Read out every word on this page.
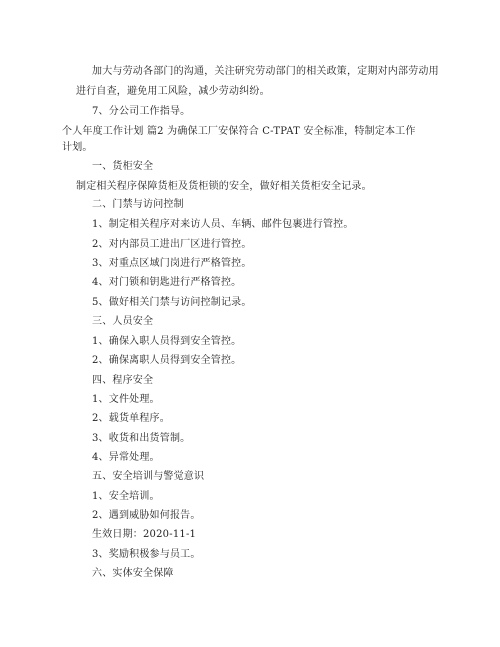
加大与劳动各部门的沟通，关注研究劳动部门的相关政策，定期对内部劳动用
进行自查，避免用工风险，减少劳动纠纷。
7、分公司工作指导。
个人年度工作计划 篇2 为确保工厂安保符合 C-TPAT 安全标准，特制定本工作
计划。
一、货柜安全
制定相关程序保障货柜及货柜锁的安全，做好相关货柜安全记录。
二、门禁与访问控制
1、制定相关程序对来访人员、车辆、邮件包裹进行管控。
2、对内部员工进出厂区进行管控。
3、对重点区域门岗进行严格管控。
4、对门锁和钥匙进行严格管控。
5、做好相关门禁与访问控制记录。
三、人员安全
1、确保入职人员得到安全管控。
2、确保离职人员得到安全管控。
四、程序安全
1、文件处理。
2、载货单程序。
3、收货和出货管制。
4、异常处理。
五、安全培训与警觉意识
1、安全培训。
2、遇到威胁如何报告。
生效日期：2020-11-1
3、奖励积极参与员工。
六、实体安全保障
